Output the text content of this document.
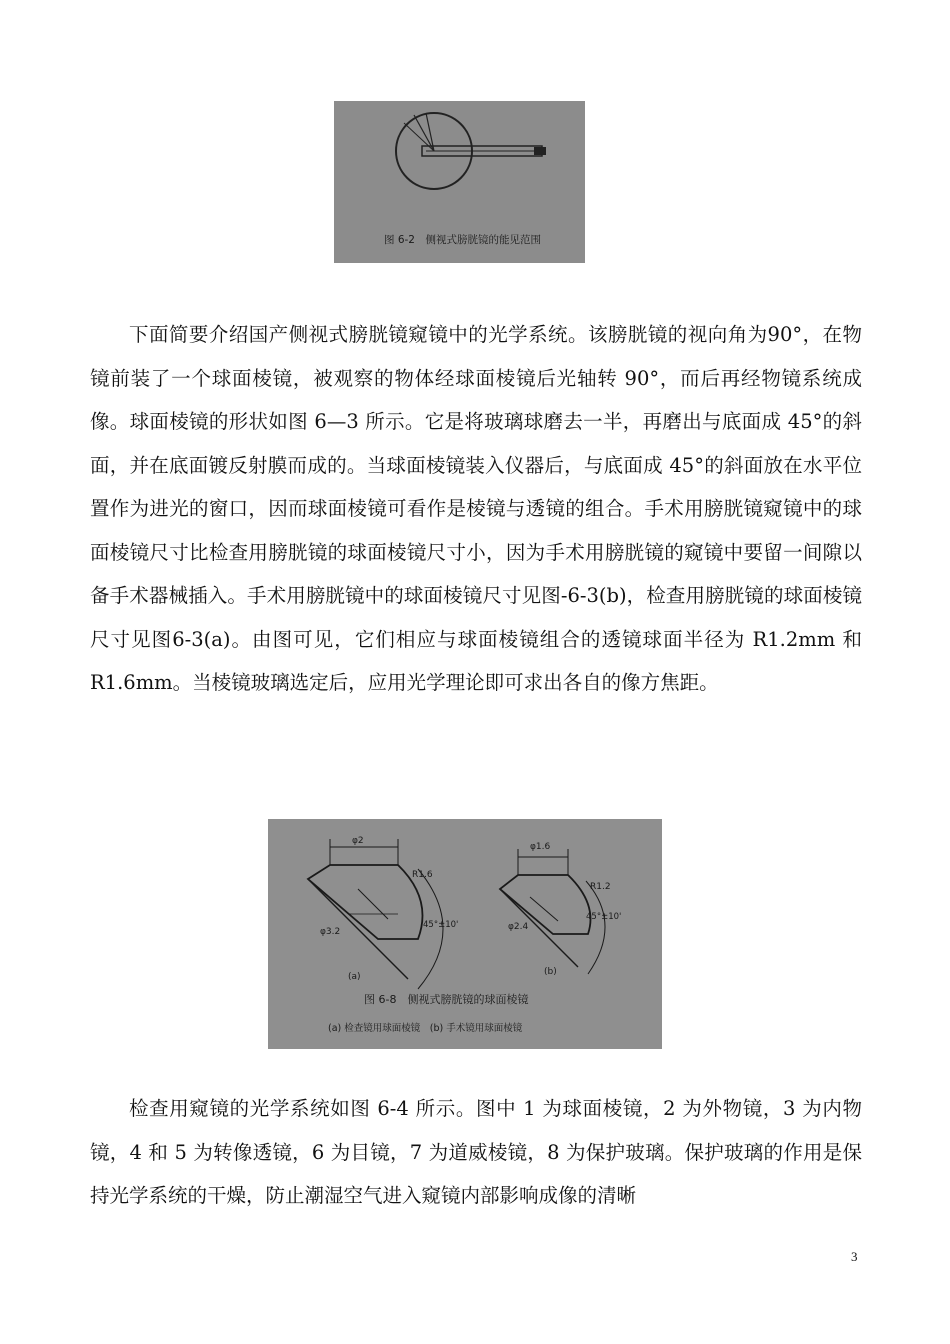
图 6-2　侧视式膀胱镜的能见范围

下面简要介绍国产侧视式膀胱镜窥镜中的光学系统。该膀胱镜的视向角为90°，在物镜前装了一个球面棱镜，被观察的物体经球面棱镜后光轴转 90°，而后再经物镜系统成像。球面棱镜的形状如图 6—3 所示。它是将玻璃球磨去一半，再磨出与底面成 45°的斜面，并在底面镀反射膜而成的。当球面棱镜装入仪器后，与底面成 45°的斜面放在水平位置作为进光的窗口，因而球面棱镜可看作是棱镜与透镜的组合。手术用膀胱镜窥镜中的球面棱镜尺寸比检查用膀胱镜的球面棱镜尺寸小，因为手术用膀胱镜的窥镜中要留一间隙以备手术器械插入。手术用膀胱镜中的球面棱镜尺寸见图-6-3(b)，检查用膀胱镜的球面棱镜尺寸见图6-3(a)。由图可见，它们相应与球面棱镜组合的透镜球面半径为 R1.2mm 和R1.6mm。当棱镜玻璃选定后，应用光学理论即可求出各自的像方焦距。

φ2
R1.6
φ3.2
45°±10'
(a)
φ1.6
R1.2
φ2.4
45°±10'
(b)
图 6-8　侧视式膀胱镜的球面棱镜
(a) 检查镜用球面棱镜　(b) 手术镜用球面棱镜

检查用窥镜的光学系统如图 6-4 所示。图中 1 为球面棱镜，2 为外物镜，3 为内物镜，4 和 5 为转像透镜，6 为目镜，7 为道威棱镜，8 为保护玻璃。保护玻璃的作用是保持光学系统的干燥，防止潮湿空气进入窥镜内部影响成像的清晰

3
